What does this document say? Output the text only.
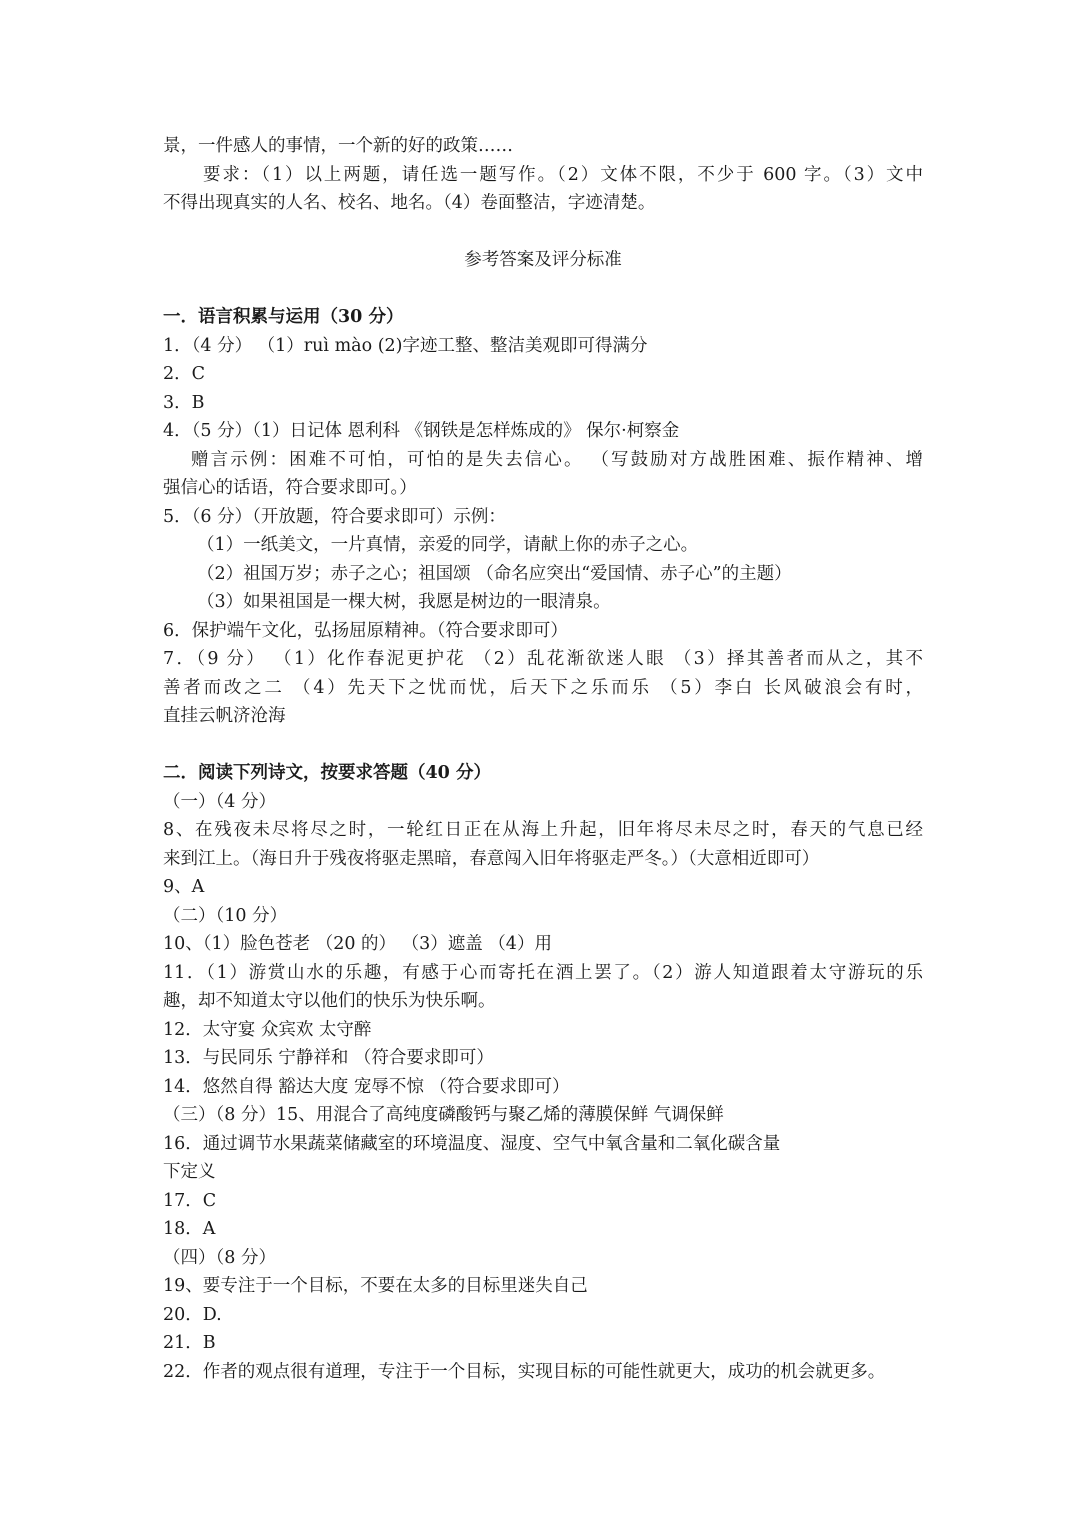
景，一件感人的事情，一个新的好的政策……
要求：（1）以上两题，请任选一题写作。（2）文体不限，不少于 600 字。（3）文中
不得出现真实的人名、校名、地名。（4）卷面整洁，字迹清楚。
参考答案及评分标准
一．语言积累与运用（30 分）
1．（4 分） （1）ruì mào (2)字迹工整、整洁美观即可得满分
2．C
3．B
4．（5 分）（1）日记体 恩利科 《钢铁是怎样炼成的》 保尔·柯察金
赠言示例：困难不可怕，可怕的是失去信心。 （写鼓励对方战胜困难、振作精神、增
强信心的话语，符合要求即可。）
5．（6 分）（开放题，符合要求即可）示例：
（1）一纸美文，一片真情，亲爱的同学，请献上你的赤子之心。
（2）祖国万岁；赤子之心；祖国颂 （命名应突出“爱国情、赤子心”的主题）
（3）如果祖国是一棵大树，我愿是树边的一眼清泉。
6．保护端午文化，弘扬屈原精神。（符合要求即可）
7．（9 分） （1）化作春泥更护花 （2）乱花渐欲迷人眼 （3）择其善者而从之，其不
善者而改之二 （4）先天下之忧而忧，后天下之乐而乐 （5）李白 长风破浪会有时，
直挂云帆济沧海
二．阅读下列诗文，按要求答题（40 分）
（一）（4 分）
8、在残夜未尽将尽之时，一轮红日正在从海上升起，旧年将尽未尽之时，春天的气息已经
来到江上。（海日升于残夜将驱走黑暗，春意闯入旧年将驱走严冬。）（大意相近即可）
9、A
（二）（10 分）
10、（1）脸色苍老 （20 的） （3）遮盖 （4）用
11．（1）游赏山水的乐趣，有感于心而寄托在酒上罢了。（2）游人知道跟着太守游玩的乐
趣，却不知道太守以他们的快乐为快乐啊。
12．太守宴 众宾欢 太守醉
13．与民同乐 宁静祥和 （符合要求即可）
14．悠然自得 豁达大度 宠辱不惊 （符合要求即可）
（三）（8 分）15、用混合了高纯度磷酸钙与聚乙烯的薄膜保鲜 气调保鲜
16．通过调节水果蔬菜储藏室的环境温度、湿度、空气中氧含量和二氧化碳含量
下定义
17．C
18．A
（四）（8 分）
19、要专注于一个目标，不要在太多的目标里迷失自己
20．D.
21．B
22．作者的观点很有道理，专注于一个目标，实现目标的可能性就更大，成功的机会就更多。
